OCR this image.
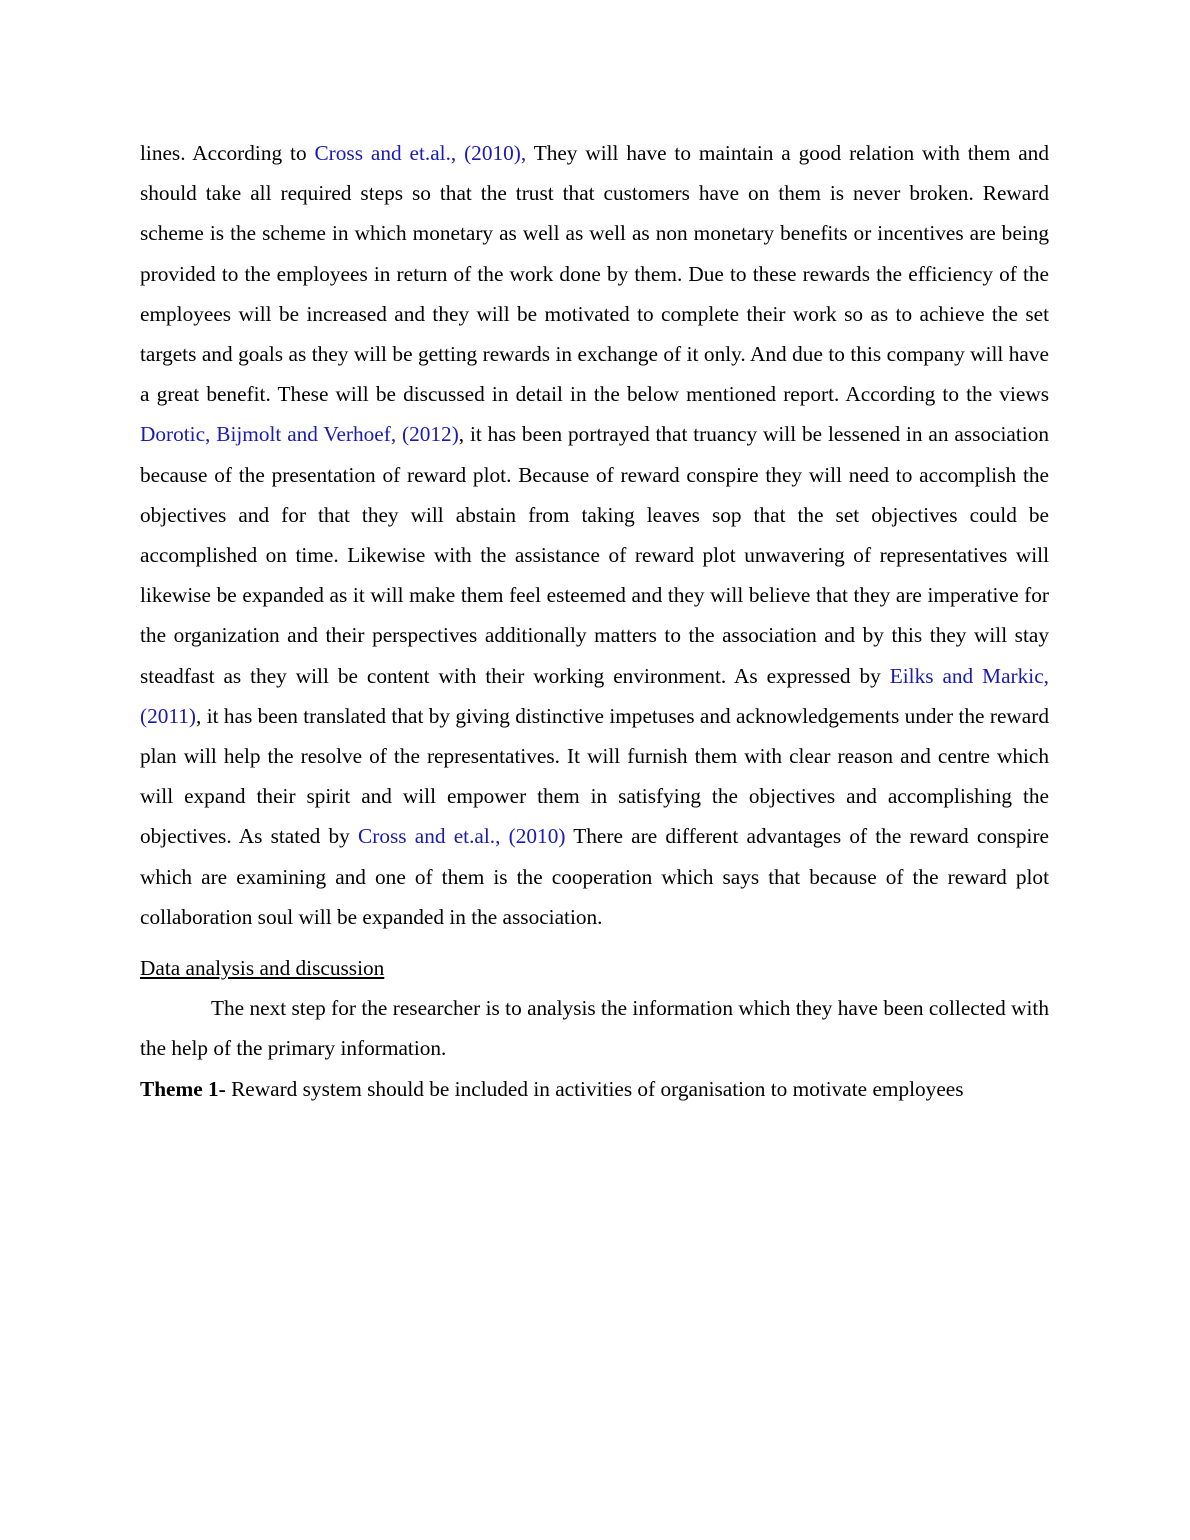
lines. According to Cross and et.al., (2010), They will have to maintain a good relation with them and should take all required steps so that the trust that customers have on them is never broken. Reward scheme is the scheme in which monetary as well as well as non monetary benefits or incentives are being provided to the employees in return of the work done by them. Due to these rewards the efficiency of the employees will be increased and they will be motivated to complete their work so as to achieve the set targets and goals as they will be getting rewards in exchange of it only. And due to this company will have a great benefit. These will be discussed in detail in the below mentioned report. According to the views Dorotic, Bijmolt and Verhoef, (2012), it has been portrayed that truancy will be lessened in an association because of the presentation of reward plot. Because of reward conspire they will need to accomplish the objectives and for that they will abstain from taking leaves sop that the set objectives could be accomplished on time. Likewise with the assistance of reward plot unwavering of representatives will likewise be expanded as it will make them feel esteemed and they will believe that they are imperative for the organization and their perspectives additionally matters to the association and by this they will stay steadfast as they will be content with their working environment. As expressed by Eilks and Markic, (2011), it has been translated that by giving distinctive impetuses and acknowledgements under the reward plan will help the resolve of the representatives. It will furnish them with clear reason and centre which will expand their spirit and will empower them in satisfying the objectives and accomplishing the objectives. As stated by Cross and et.al., (2010) There are different advantages of the reward conspire which are examining and one of them is the cooperation which says that because of the reward plot collaboration soul will be expanded in the association.

Data analysis and discussion

The next step for the researcher is to analysis the information which they have been collected with the help of the primary information.

Theme 1- Reward system should be included in activities of organisation to motivate employees
